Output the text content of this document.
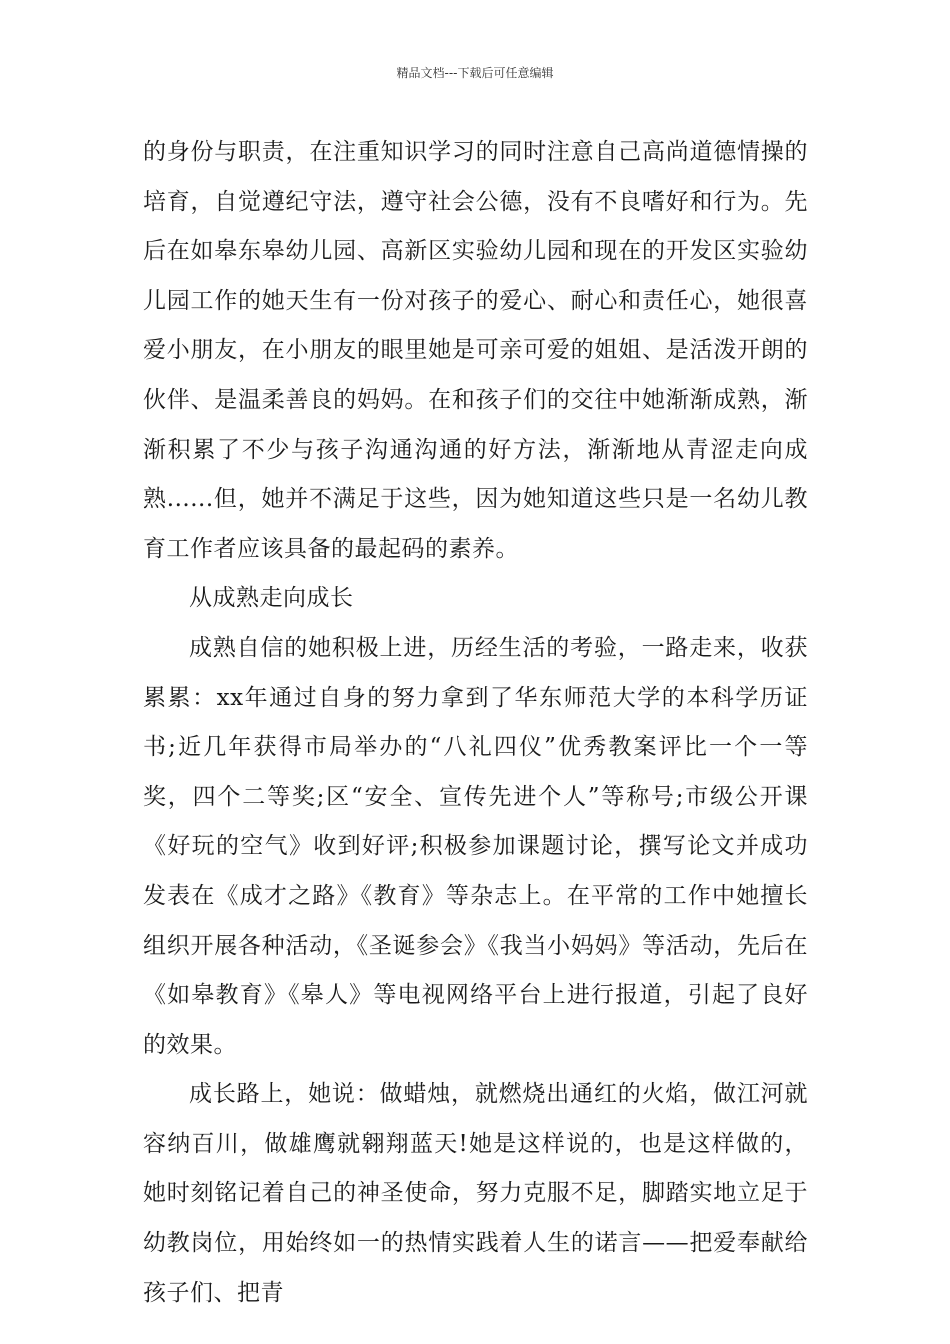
精品文档---下载后可任意编辑

的身份与职责，在注重知识学习的同时注意自己高尚道德情操的培育，自觉遵纪守法，遵守社会公德，没有不良嗜好和行为。先后在如皋东皋幼儿园、高新区实验幼儿园和现在的开发区实验幼儿园工作的她天生有一份对孩子的爱心、耐心和责任心，她很喜爱小朋友，在小朋友的眼里她是可亲可爱的姐姐、是活泼开朗的伙伴、是温柔善良的妈妈。在和孩子们的交往中她渐渐成熟，渐渐积累了不少与孩子沟通沟通的好方法，渐渐地从青涩走向成熟......但，她并不满足于这些，因为她知道这些只是一名幼儿教育工作者应该具备的最起码的素养。

从成熟走向成长

成熟自信的她积极上进，历经生活的考验，一路走来，收获累累：xx年通过自身的努力拿到了华东师范大学的本科学历证书;近几年获得市局举办的“八礼四仪”优秀教案评比一个一等奖，四个二等奖;区“安全、宣传先进个人”等称号;市级公开课《好玩的空气》收到好评;积极参加课题讨论，撰写论文并成功发表在《成才之路》《教育》等杂志上。在平常的工作中她擅长组织开展各种活动，《圣诞参会》《我当小妈妈》等活动，先后在《如皋教育》《皋人》等电视网络平台上进行报道，引起了良好的效果。

成长路上，她说：做蜡烛，就燃烧出通红的火焰，做江河就容纳百川，做雄鹰就翱翔蓝天!她是这样说的，也是这样做的，她时刻铭记着自己的神圣使命，努力克服不足，脚踏实地立足于幼教岗位，用始终如一的热情实践着人生的诺言——把爱奉献给孩子们、把青
